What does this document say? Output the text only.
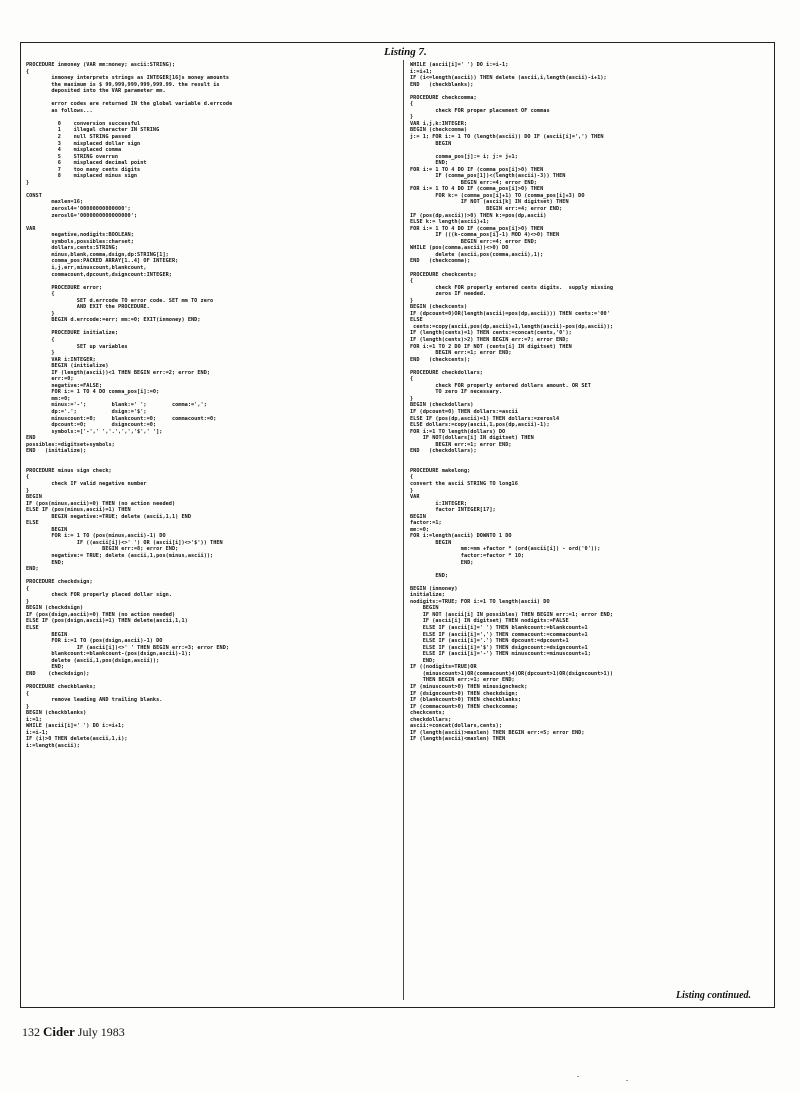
Listing 7.
PROCEDURE inmoney (VAR mm:money; ascii:STRING);
{
inmoney interprets strings as INTEGER[16]s money amounts
the maximum is $ 99,999,999,999,999.99. the result is
deposited into the VAR parameter mm.

error codes are returned IN the global variable d.errcode
as follows...

0    conversion successful
1    illegal character IN STRING
2    null STRING passed
3    misplaced dollar sign
4    misplaced comma
5    STRING overrun
6    misplaced decimal point
7    too many cents digits
8    misplaced minus sign
}

CONST
maxlen=16;
zerosl4='00000000000000';
zerosl6='0000000000000000';

VAR
negative,nodigits:BOOLEAN;
symbols,possibles:charset;
dollars,cents:STRING;
minus,blank,comma,dsign,dp:STRING[1];
comma_pos:PACKED ARRAY[1..4] OF INTEGER;
i,j,err,minuscount,blankcount,
commacount,dpcount,dsigncount:INTEGER;

PROCEDURE error;
{
SET d.errcode TO error code. SET mm TO zero
AND EXIT the PROCEDURE.
}
BEGIN d.errcode:=err; mm:=0; EXIT(inmoney) END;

PROCEDURE initialize;
{
SET up variables
}
VAR i:INTEGER;
BEGIN (initialize)
IF (length(ascii))<1 THEN BEGIN err:=2; error END;
err:=0;
negative:=FALSE;
FOR i:= 1 TO 4 DO comma_pos[i]:=0;
mm:=0;
minus:='-';        blank:=' ';        comma:=',';
dp:='.';           dsign:='$';
minuscount:=0;     blankcount:=0;     commacount:=0;
dpcount:=0;        dsigncount:=0;
symbols:=['-',' ','.',',','$',' '];
END
possibles:=digitset+symbols;
END   (initialize);

PROCEDURE minus sign check;
{
check IF valid negative number
}
BEGIN
IF (pos(minus,ascii)=0) THEN (no action needed)
ELSE IF (pos(minus,ascii)=1) THEN
BEGIN negative:=TRUE; delete (ascii,1,1) END
ELSE
BEGIN
FOR i:= 1 TO (pos(minus,ascii)-1) DO
IF ((ascii[i])<>' ') OR (ascii[i])<>'$')) THEN
BEGIN err:=8; error END;
negative:= TRUE; delete (ascii,1,pos(minus,ascii));
END;
END;

PROCEDURE checkdsign;
{
check FOR properly placed dollar sign.
}
BEGIN (checkdsign)
IF (pos(dsign,ascii)=0) THEN (no action needed)
ELSE IF (pos(dsign,ascii)=1) THEN delete(ascii,1,1)
ELSE
BEGIN
FOR i:=1 TO (pos(dsign,ascii)-1) DO
IF (ascii[i])<>' ' THEN BEGIN err:=3; error END;
blankcount:=blankcount-(pos(dsign,ascii)-1);
delete (ascii,1,pos(dsign,ascii));
END;
END    (checkdsign);

PROCEDURE checkblanks;
{
remove leading AND trailing blanks.
}
BEGIN (checkblanks)
i:=1;
WHILE (ascii[i]=' ') DO i:=i+1;
i:=i-1;
IF (i)>0 THEN delete(ascii,1,i);
i:=length(ascii);
WHILE (ascii[i]=' ') DO i:=i-1;
i:=i+1;
IF (i<=length(ascii)) THEN delete (ascii,i,length(ascii)-i+1);
END   (checkblanks);

PROCEDURE checkcomma;
{
check FOR proper placement OF commas
}
VAR i,j,k:INTEGER;
BEGIN (checkcomma)
j:= 1; FOR i:= 1 TO (length(ascii)) DO IF (ascii[i]=',') THEN
BEGIN

comma_pos[j]:= i; j:= j+1;
END;
FOR i:= 1 TO 4 DO IF (comma_pos[i]>0) THEN
IF (comma_pos[1])<(length(ascii)-3)) THEN
BEGIN err:=4; error END;
FOR i:= 1 TO 4 DO IF (comma_pos[i]>0) THEN
FOR k:= (comma_pos[i]+1) TO (comma_pos[i]+3) DO
IF NOT (ascii[k] IN digitset) THEN
BEGIN err:=4; error END;
IF (pos(dp,ascii))>0) THEN k:=pos(dp,ascii)
ELSE k:= length(ascii)+1;
FOR i:= 1 TO 4 DO IF (comma_pos[i]>0) THEN
IF (((k-comma_pos[i]-1) MOD 4)<>0) THEN
BEGIN err:=4; error END;
WHILE (pos(comma,ascii))<>0) DO
delete (ascii,pos(comma,ascii),1);
END   (checkcomma);

PROCEDURE checkcents;
{
check FOR properly entered cents digits.  supply missing
zeros IF needed.
}
BEGIN (checkcents)
IF (dpcount=0)OR(length(ascii)=pos(dp,ascii))) THEN cents:='00'
ELSE
cents:=copy(ascii,pos(dp,ascii)+1,length(ascii)-pos(dp,ascii));
IF (length(cents)=1) THEN cents:=concat(cents,'0');
IF (length(cents)>2) THEN BEGIN err:=7; error END;
FOR i:=1 TO 2 DO IF NOT (cents[i] IN digitset) THEN
BEGIN err:=1; error END;
END   (checkcents);

PROCEDURE checkdollars;
{
check FOR properly entered dollars amount. OR SET
TO zero IF necessary.
}
BEGIN (checkdollars)
IF (dpcount=0) THEN dollars:=ascii
ELSE IF (pos(dp,ascii)=1) THEN dollars:=zerosl4
ELSE dollars:=copy(ascii,1,pos(dp,ascii)-1);
FOR i:=1 TO length(dollars) DO
IF NOT(dollars[i] IN digitset) THEN
BEGIN err:=1; error END;
END   (checkdollars);

PROCEDURE makelong;
{
convert the ascii STRING TO long16
}
VAR
i:INTEGER;
factor INTEGER[17];
BEGIN
factor:=1;
mm:=0;
FOR i:=length(ascii) DOWNTO 1 DO
BEGIN
mm:=mm +factor * (ord(ascii[i]) - ord('0'));
factor:=factor * 10;
END;

END;

BEGIN (inmoney)
initialize;
nodigits:=TRUE; FOR i:=1 TO length(ascii) DO
BEGIN
IF NOT (ascii[i] IN possibles) THEN BEGIN err:=1; error END;
IF (ascii[i] IN digitset) THEN nodigits:=FALSE
ELSE IF (ascii[i]=' ') THEN blankcount:=blankcount+1
ELSE IF (ascii[i]=',') THEN commacount:=commacount+1
ELSE IF (ascii[i]='.') THEN dpcount:=dpcount+1
ELSE IF (ascii[i]='$') THEN dsigncount:=dsigncount+1
ELSE IF (ascii[i]='-') THEN minuscount:=minuscount+1;
END;
IF ((nodigits=TRUE)OR
(minuscount>1)OR(commacount)4)OR(dpcount>1)OR(dsigncount>1))
THEN BEGIN err:=1; error END;
IF (minuscount>0) THEN minusigncheck;
IF (dsigncount>0) THEN checkdsign;
IF (blankcount>0) THEN checkblanks;
IF (commacount>0) THEN checkcomma;
checkcents;
checkdollars;
ascii:=concat(dollars,cents);
IF (length(ascii)>maxlen) THEN BEGIN err:=5; error END;
IF (length(ascii)<maxlen) THEN
Listing continued.
132 Cider July 1983
